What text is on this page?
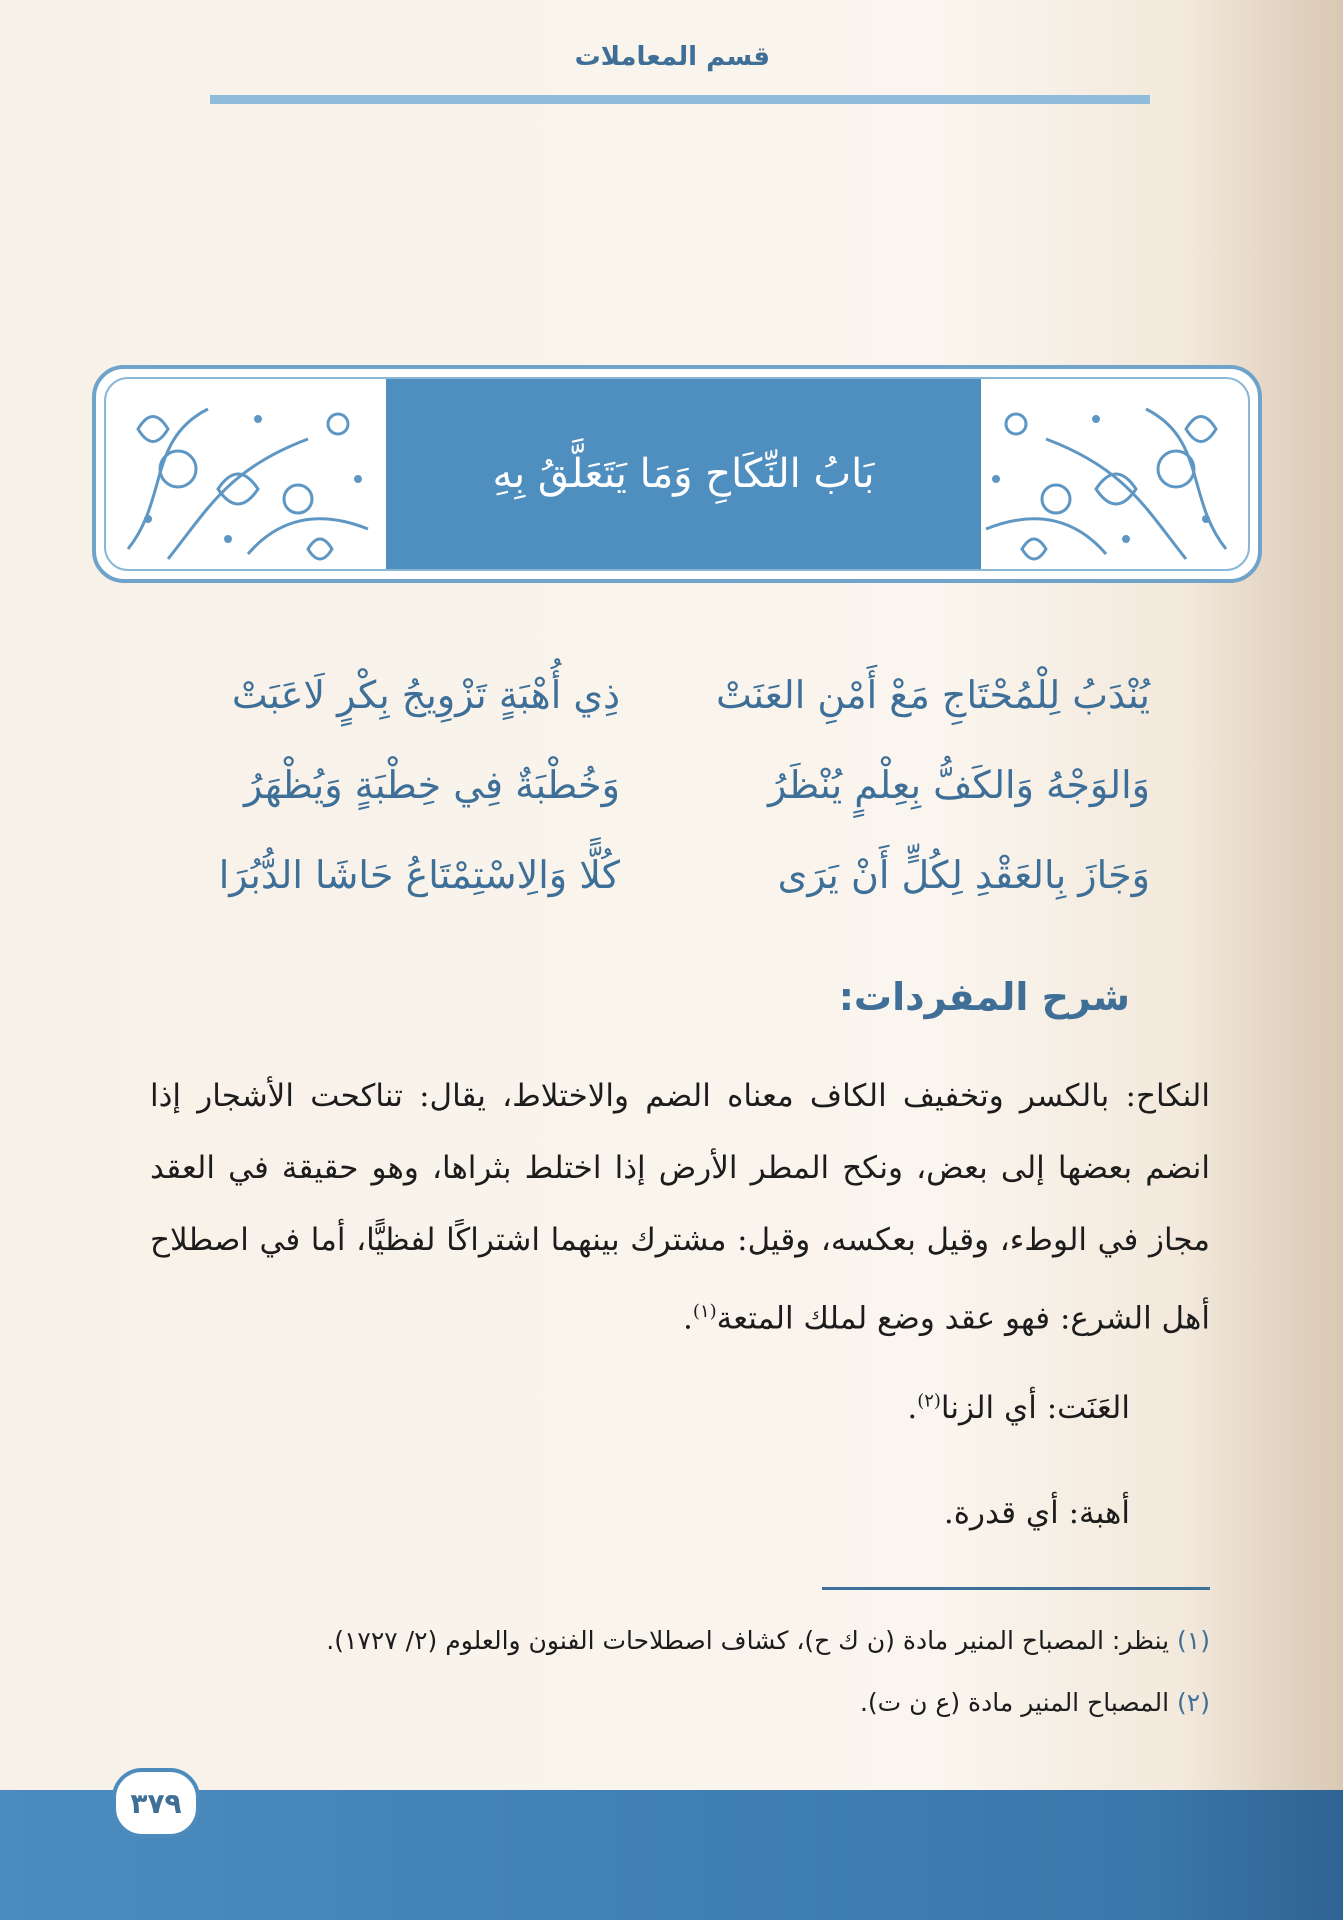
قسم المعاملات
بَابُ النِّكَاحِ وَمَا يَتَعَلَّقُ بِهِ
يُنْدَبُ لِلْمُحْتَاجِ مَعْ أَمْنِ العَنَتْ
ذِي أُهْبَةٍ تَزْوِيجُ بِكْرٍ لَاعَبَتْ
وَالوَجْهُ وَالكَفُّ بِعِلْمٍ يُنْظَرُ
وَخُطْبَةٌ فِي خِطْبَةٍ وَيُظْهَرُ
وَجَازَ بِالعَقْدِ لِكُلٍّ أَنْ يَرَى
كُلًّا وَالِاسْتِمْتَاعُ حَاشَا الدُّبُرَا
شرح المفردات:

النكاح: بالكسر وتخفيف الكاف معناه الضم والاختلاط، يقال: تناكحت الأشجار إذا انضم بعضها إلى بعض، ونكح المطر الأرض إذا اختلط بثراها، وهو حقيقة في العقد مجاز في الوطء، وقيل بعكسه، وقيل: مشترك بينهما اشتراكًا لفظيًّا، أما في اصطلاح أهل الشرع: فهو عقد وضع لملك المتعة$^{(١)}$.

العَنَت: أي الزنا$^{(٢)}$.
أهبة: أي قدرة.
(١) ينظر: المصباح المنير مادة (ن ك ح)، كشاف اصطلاحات الفنون والعلوم (٢/ ١٧٢٧).
(٢) المصباح المنير مادة (ع ن ت).
٣٧٩
